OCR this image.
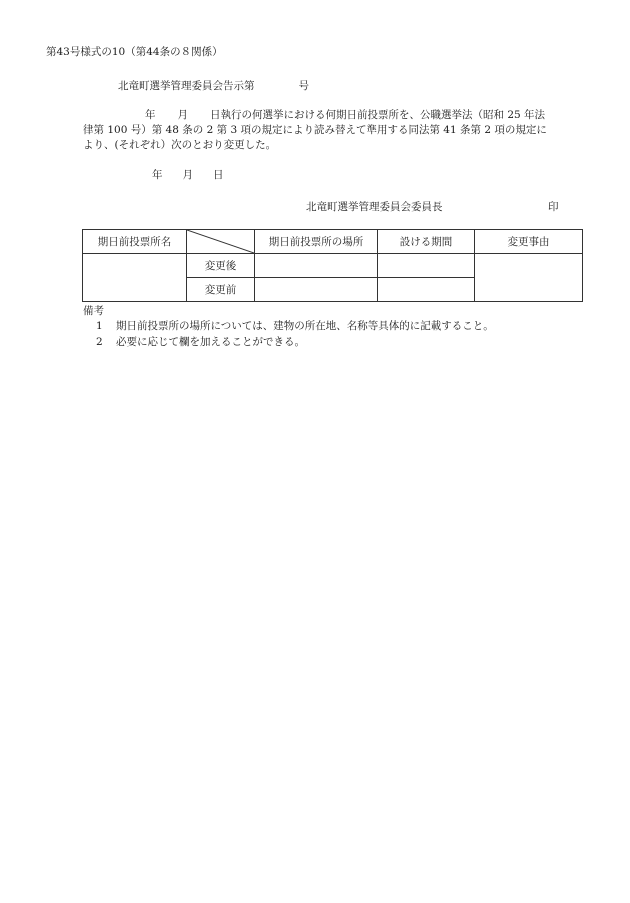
第43号様式の10（第44条の８関係）
北竜町選挙管理委員会告示第	号
年 月 日執行の何選挙における何期日前投票所を、公職選挙法（昭和 25 年法
律第 100 号）第 48 条の 2 第 3 項の規定により読み替えて準用する同法第 41 条第 2 項の規定に
より、(それぞれ）次のとおり変更した。
年 月 日
北竜町選挙管理委員会委員長	印
期日前投票所名		期日前投票所の場所	設ける期間	変更事由
	変更後			
	変更前			
備考
1 期日前投票所の場所については、建物の所在地、名称等具体的に記載すること。
2 必要に応じて欄を加えることができる。
